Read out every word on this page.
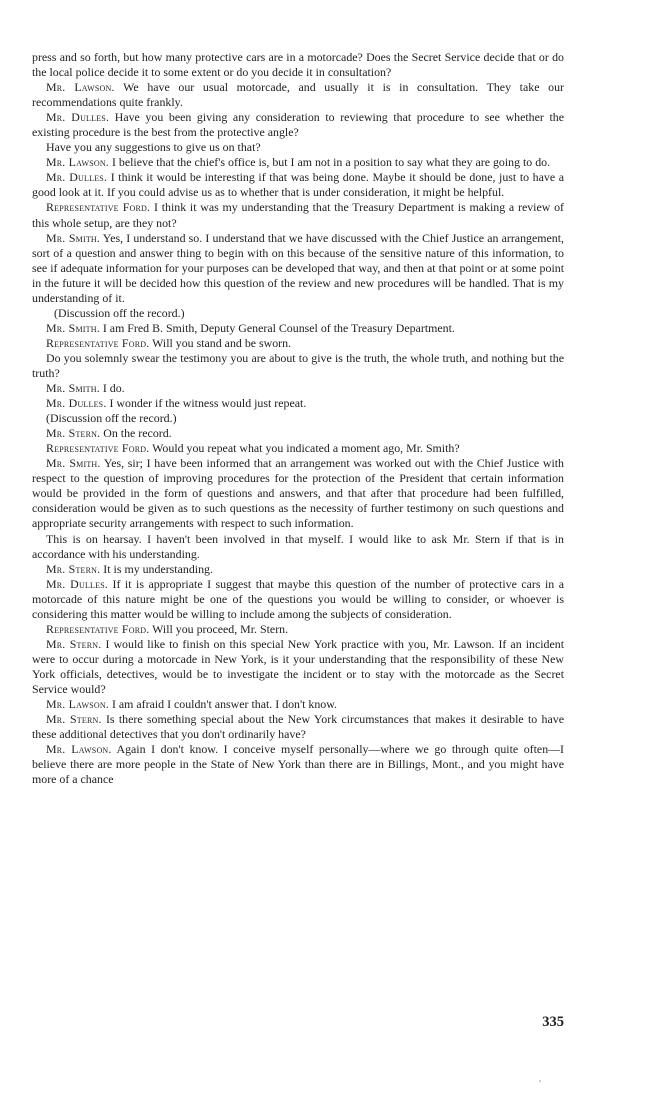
press and so forth, but how many protective cars are in a motorcade? Does the Secret Service decide that or do the local police decide it to some extent or do you decide it in consultation?

Mr. Lawson. We have our usual motorcade, and usually it is in consultation. They take our recommendations quite frankly.

Mr. Dulles. Have you been giving any consideration to reviewing that procedure to see whether the existing procedure is the best from the protective angle?

Have you any suggestions to give us on that?

Mr. Lawson. I believe that the chief's office is, but I am not in a position to say what they are going to do.

Mr. Dulles. I think it would be interesting if that was being done. Maybe it should be done, just to have a good look at it. If you could advise us as to whether that is under consideration, it might be helpful.

Representative Ford. I think it was my understanding that the Treasury Department is making a review of this whole setup, are they not?

Mr. Smith. Yes, I understand so. I understand that we have discussed with the Chief Justice an arrangement, sort of a question and answer thing to begin with on this because of the sensitive nature of this information, to see if adequate information for your purposes can be developed that way, and then at that point or at some point in the future it will be decided how this question of the review and new procedures will be handled. That is my understanding of it.

(Discussion off the record.)

Mr. Smith. I am Fred B. Smith, Deputy General Counsel of the Treasury Department.

Representative Ford. Will you stand and be sworn.

Do you solemnly swear the testimony you are about to give is the truth, the whole truth, and nothing but the truth?

Mr. Smith. I do.

Mr. Dulles. I wonder if the witness would just repeat.

(Discussion off the record.)

Mr. Stern. On the record.

Representative Ford. Would you repeat what you indicated a moment ago, Mr. Smith?

Mr. Smith. Yes, sir; I have been informed that an arrangement was worked out with the Chief Justice with respect to the question of improving procedures for the protection of the President that certain information would be provided in the form of questions and answers, and that after that procedure had been fulfilled, consideration would be given as to such questions as the necessity of further testimony on such questions and appropriate security arrangements with respect to such information.

This is on hearsay. I haven't been involved in that myself. I would like to ask Mr. Stern if that is in accordance with his understanding.

Mr. Stern. It is my understanding.

Mr. Dulles. If it is appropriate I suggest that maybe this question of the number of protective cars in a motorcade of this nature might be one of the questions you would be willing to consider, or whoever is considering this matter would be willing to include among the subjects of consideration.

Representative Ford. Will you proceed, Mr. Stern.

Mr. Stern. I would like to finish on this special New York practice with you, Mr. Lawson. If an incident were to occur during a motorcade in New York, is it your understanding that the responsibility of these New York officials, detectives, would be to investigate the incident or to stay with the motorcade as the Secret Service would?

Mr. Lawson. I am afraid I couldn't answer that. I don't know.

Mr. Stern. Is there something special about the New York circumstances that makes it desirable to have these additional detectives that you don't ordinarily have?

Mr. Lawson. Again I don't know. I conceive myself personally—where we go through quite often—I believe there are more people in the State of New York than there are in Billings, Mont., and you might have more of a chance

335
